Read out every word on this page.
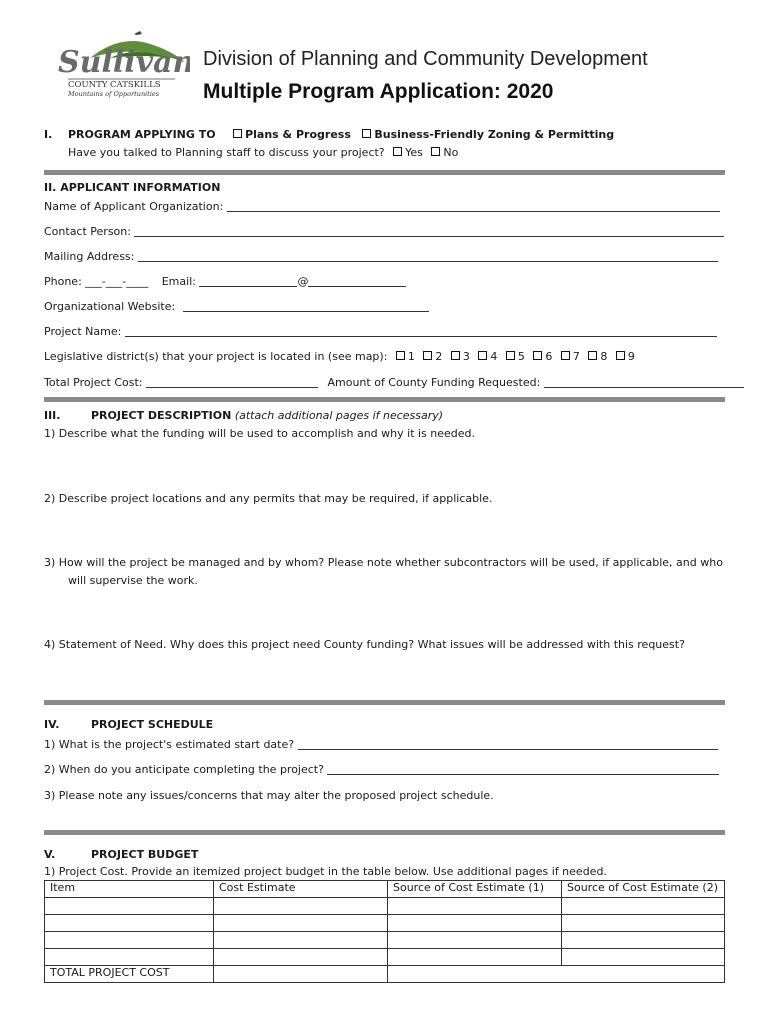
Sullivan
COUNTY CATSKILLS
Mountains of Opportunities
Division of Planning and Community Development
Multiple Program Application: 2020
I. PROGRAM APPLYING TO	Plans & Progress Business-Friendly Zoning & Permitting
Have you talked to Planning staff to discuss your project? Yes No
II. APPLICANT INFORMATION
Name of Applicant Organization:
Contact Person:
Mailing Address:
Phone: ___-___-____ Email:	@
Organizational Website:
Project Name:
Legislative district(s) that your project is located in (see map): 1 2 3 4 5 6 7 8 9
Total Project Cost:	Amount of County Funding Requested:
III.	PROJECT DESCRIPTION (attach additional pages if necessary)
1) Describe what the funding will be used to accomplish and why it is needed.
2) Describe project locations and any permits that may be required, if applicable.
3) How will the project be managed and by whom? Please note whether subcontractors will be used, if applicable, and who
will supervise the work.
4) Statement of Need. Why does this project need County funding? What issues will be addressed with this request?
IV.	PROJECT SCHEDULE
1) What is the project's estimated start date?
2) When do you anticipate completing the project?
3) Please note any issues/concerns that may alter the proposed project schedule.
V.	PROJECT BUDGET
1) Project Cost. Provide an itemized project budget in the table below. Use additional pages if needed.
Item	Cost Estimate	Source of Cost Estimate (1)	Source of Cost Estimate (2)

TOTAL PROJECT COST			
